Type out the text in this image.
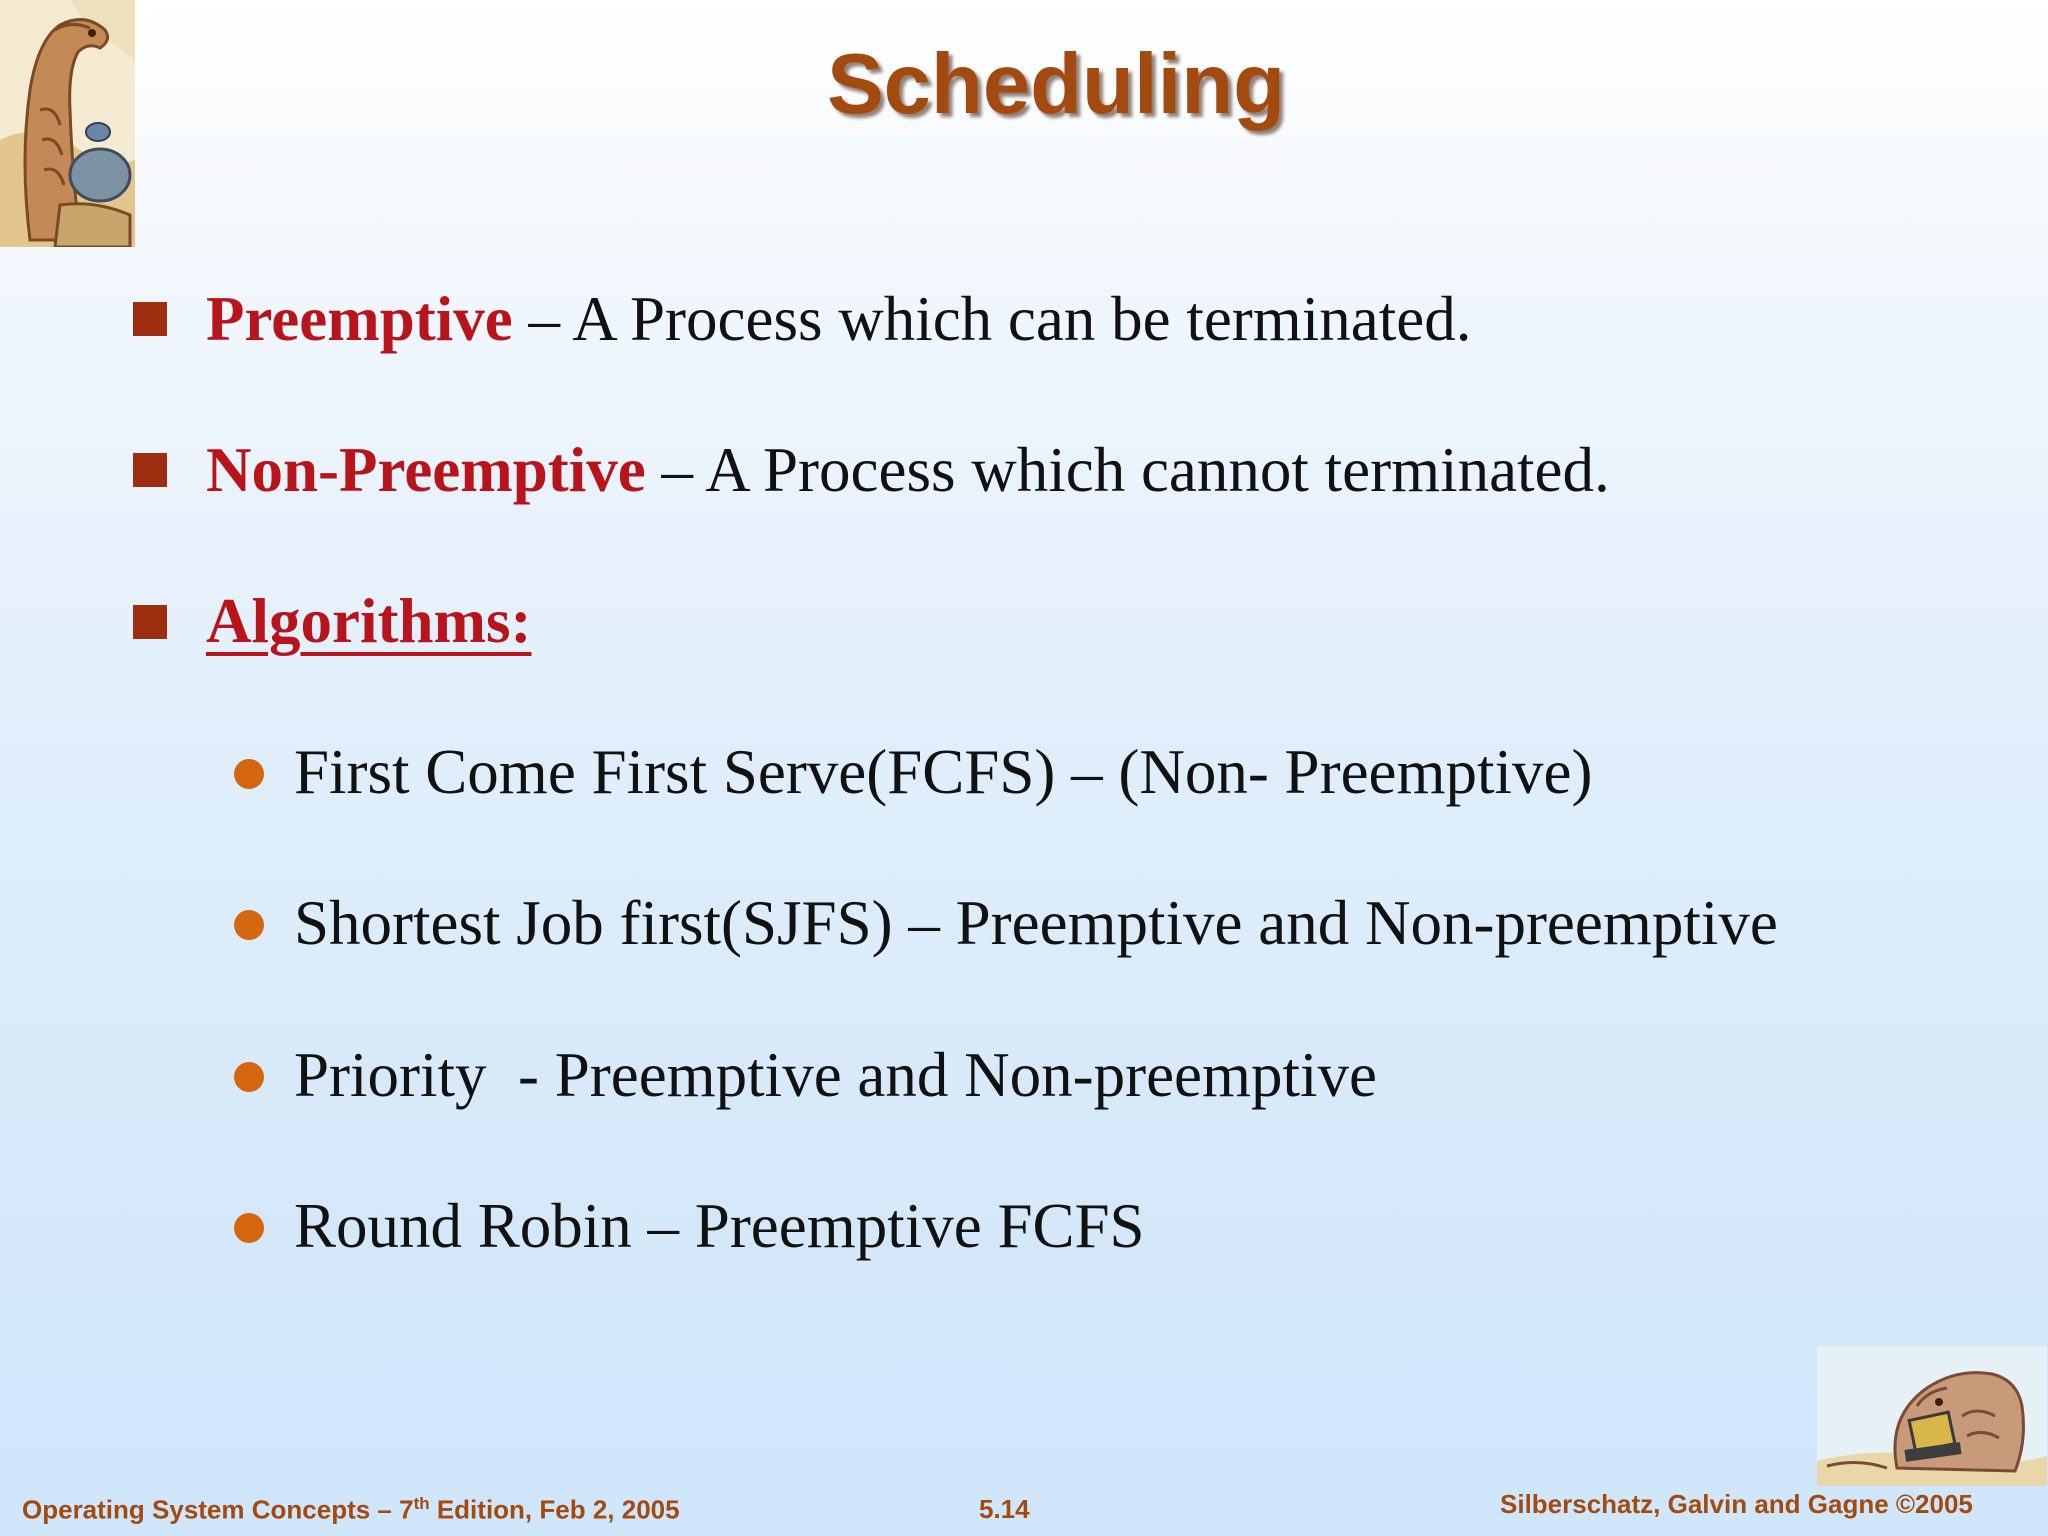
Scheduling
Preemptive – A Process which can be terminated.
Non-Preemptive – A Process which cannot terminated.
Algorithms:
First Come First Serve(FCFS) – (Non- Preemptive)
Shortest Job first(SJFS) – Preemptive and Non-preemptive
Priority  - Preemptive and Non-preemptive
Round Robin – Preemptive FCFS
Operating System Concepts – 7th Edition, Feb 2, 2005	5.14	Silberschatz, Galvin and Gagne ©2005
